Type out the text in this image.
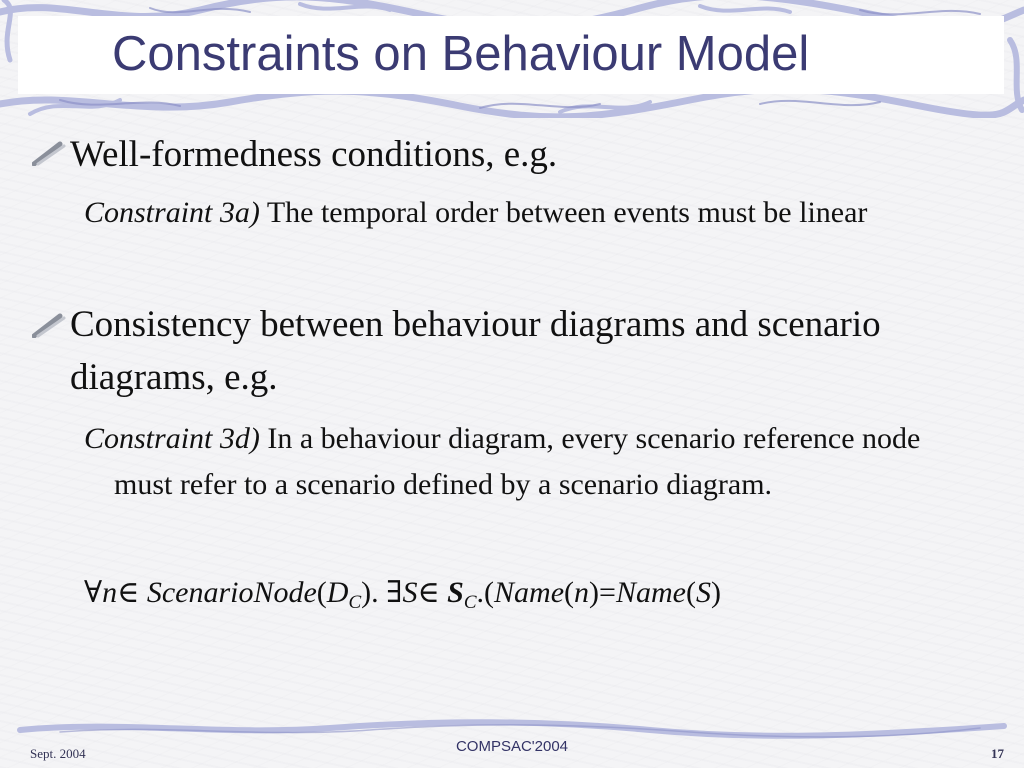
Constraints on Behaviour Model
Well-formedness conditions, e.g.
Constraint 3a) The temporal order between events must be linear
Consistency between behaviour diagrams and scenario diagrams, e.g.
Constraint 3d) In a behaviour diagram, every scenario reference node must refer to a scenario defined by a scenario diagram.
∀n∈ $ScenarioNode(D_C)$. ∃S∈ $S_C.(Name(n)=Name(S)$
Sept. 2004	COMPSAC'2004	17
